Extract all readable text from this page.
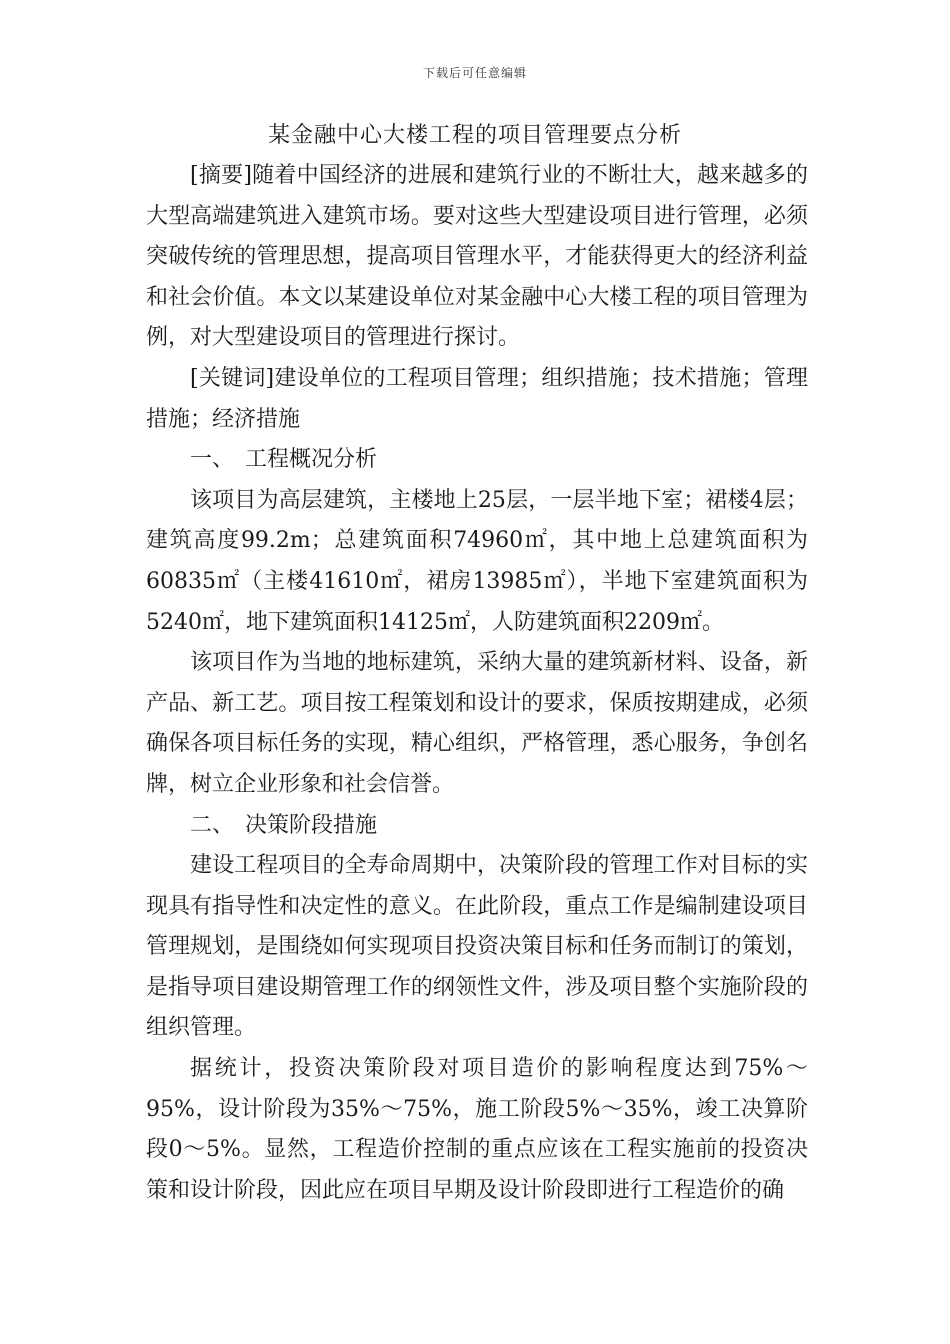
下载后可任意编辑
某金融中心大楼工程的项目管理要点分析

[摘要]随着中国经济的进展和建筑行业的不断壮大，越来越多的大型高端建筑进入建筑市场。要对这些大型建设项目进行管理，必须突破传统的管理思想，提高项目管理水平，才能获得更大的经济利益和社会价值。本文以某建设单位对某金融中心大楼工程的项目管理为例，对大型建设项目的管理进行探讨。

[关键词]建设单位的工程项目管理；组织措施；技术措施；管理措施；经济措施

一、　工程概况分析

该项目为高层建筑，主楼地上25层，一层半地下室；裙楼4层；建筑高度99.2m；总建筑面积74960㎡，其中地上总建筑面积为60835㎡（主楼41610㎡，裙房13985㎡），半地下室建筑面积为5240㎡，地下建筑面积14125㎡，人防建筑面积2209㎡。

该项目作为当地的地标建筑，采纳大量的建筑新材料、设备，新产品、新工艺。项目按工程策划和设计的要求，保质按期建成，必须确保各项目标任务的实现，精心组织，严格管理，悉心服务，争创名牌，树立企业形象和社会信誉。

二、　决策阶段措施

建设工程项目的全寿命周期中，决策阶段的管理工作对目标的实现具有指导性和决定性的意义。在此阶段，重点工作是编制建设项目管理规划，是围绕如何实现项目投资决策目标和任务而制订的策划，是指导项目建设期管理工作的纲领性文件，涉及项目整个实施阶段的组织管理。

据统计，投资决策阶段对项目造价的影响程度达到75%～95%，设计阶段为35%～75%，施工阶段5%～35%，竣工决算阶段0～5%。显然，工程造价控制的重点应该在工程实施前的投资决策和设计阶段，因此应在项目早期及设计阶段即进行工程造价的确
